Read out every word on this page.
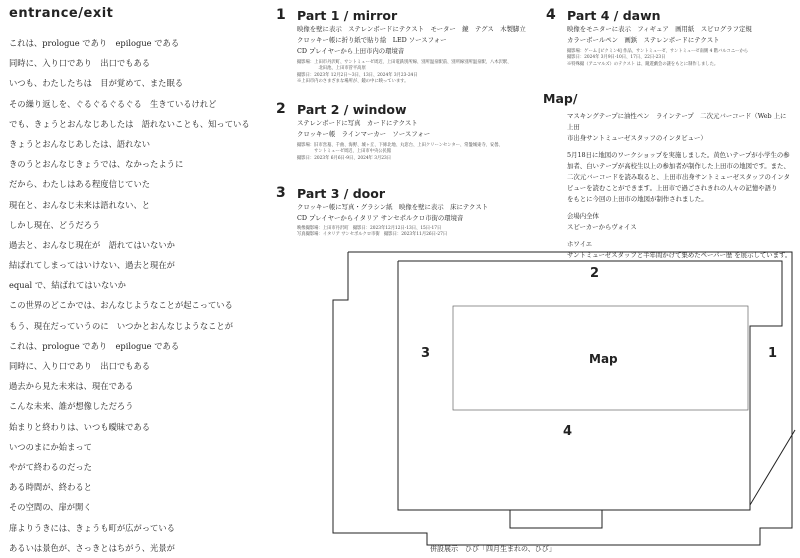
entrance/exit
これは、prologue であり　epilogue である
同時に、入り口であり　出口でもある
いつも、わたしたちは　目が覚めて、また眠る
その繰り返しを、ぐるぐるぐるぐる　生きているけれど
でも、きょうとおんなじあしたは　語れないことも、知っている
きょうとおんなじあしたは、語れない
きのうとおんなじきょうでは、なかったように
だから、わたしはある程度信じていた
現在と、おんなじ未来は語れない、と
しかし現在、どうだろう
過去と、おんなじ現在が　語れてはいないか
結ばれてしまってはいけない、過去と現在が
equal で、結ばれてはいないか
この世界のどこかでは、おんなじようなことが起こっている
もう、現在だっていうのに　いつかとおんなじようなことが
これは、prologue であり　epilogue である
同時に、入り口であり　出口でもある
過去から見た未来は、現在である
こんな未来、誰が想像しただろう
始まりと終わりは、いつも曖昧である
いつのまにか始まって
やがて終わるのだった
ある時間が、終わると
その空間の、扉が開く
扉よりうきには、きょうも町が広がっている
あるいは景色が、さっきとはちがう、光景が
1 Part 1 / mirror
映像を壁に表示　ステレンボードにテクスト　モーター　鏡　テグス　木製脚立
クロッキー帳に折り紙で貼り絵　LED ソースフォー
CD プレイヤーから上田市内の環境音
撮影場：上田市丹沢町、サントミューゼ周辺、上田電鉄別所線、別所温泉駅前、別所線別所温泉駅、八木沢駅、
　　　　　北田池、上田市菅平高原
撮影日：2023年 12月2日〜3日、13日、2024年 3月23-24日
※上田市内のさまざまな場所が、鏡の中に映っています。
2 Part 2 / window
ステレンボードに写真　カードにテクスト
クロッキー帳　ラインマーカー　ソースフォー
撮影場：旧市営墓、千曲、海野、城ヶ丘、下條北地、丸窓台、上田クリーンセンター、常盤城東寺、安曇、
　　　　サントミューゼ周辺、上田市中央公民館
撮影日：2023年 6月6日-9日、2024年 3月23日
3 Part 3 / door
クロッキー帳に写真・グラシン紙　映像を壁に表示　床にテクスト
CD プレイヤーからイタリア サンセポルクロ市街の環境音
映像撮影場：上田市丹沢町　撮影日：2023年12月12日-13日、15日-17日
写真撮影場：イタリア サンセポルクロ市街　撮影日：2023年11月26日-27日
4 Part 4 / dawn
映像をモニターに表示　フィギュア　画用紙　スピログラフ定規
カラーボールペン　画鋲　ステレンボードにテクスト
撮影場：ゲーム [ピクミン4] 作品、サントミューゼ、サントミューゼ南側 4 階バルコニーから
撮影日：2024年 3月9日-10日、17日、22日-23日
※特殊撮（アニマルズ）のテクスト は、鏡遊戯会の謎をもとに制作しました。
Map/
マスキングテープに油性ペン　ラインテープ　二次元バーコード（Web 上に上田
市出身サントミューゼスタッフのインタビュー）
5月18日に地図のワークショップを実施しました。黄色いテープが小学生の参
加者、白いテープが高校生以上の参加者が制作した上田市の地図です。また、
二次元バーコードを読み取ると、上田市出身サントミューゼスタッフのインタ
ビューを読むことができます。上田市で過ごされきれの人々の記憶や語り
をもとに今回の上田市の地図が制作されました。
会場内全体
スピーカーからヴォイス
ホワイエ
サントミューゼスタッフと半年間かけて集めたペーパー歴 を展示しています。
1
2
3
4
Map
併設展示　ひび「四月生まれの、ひび」
